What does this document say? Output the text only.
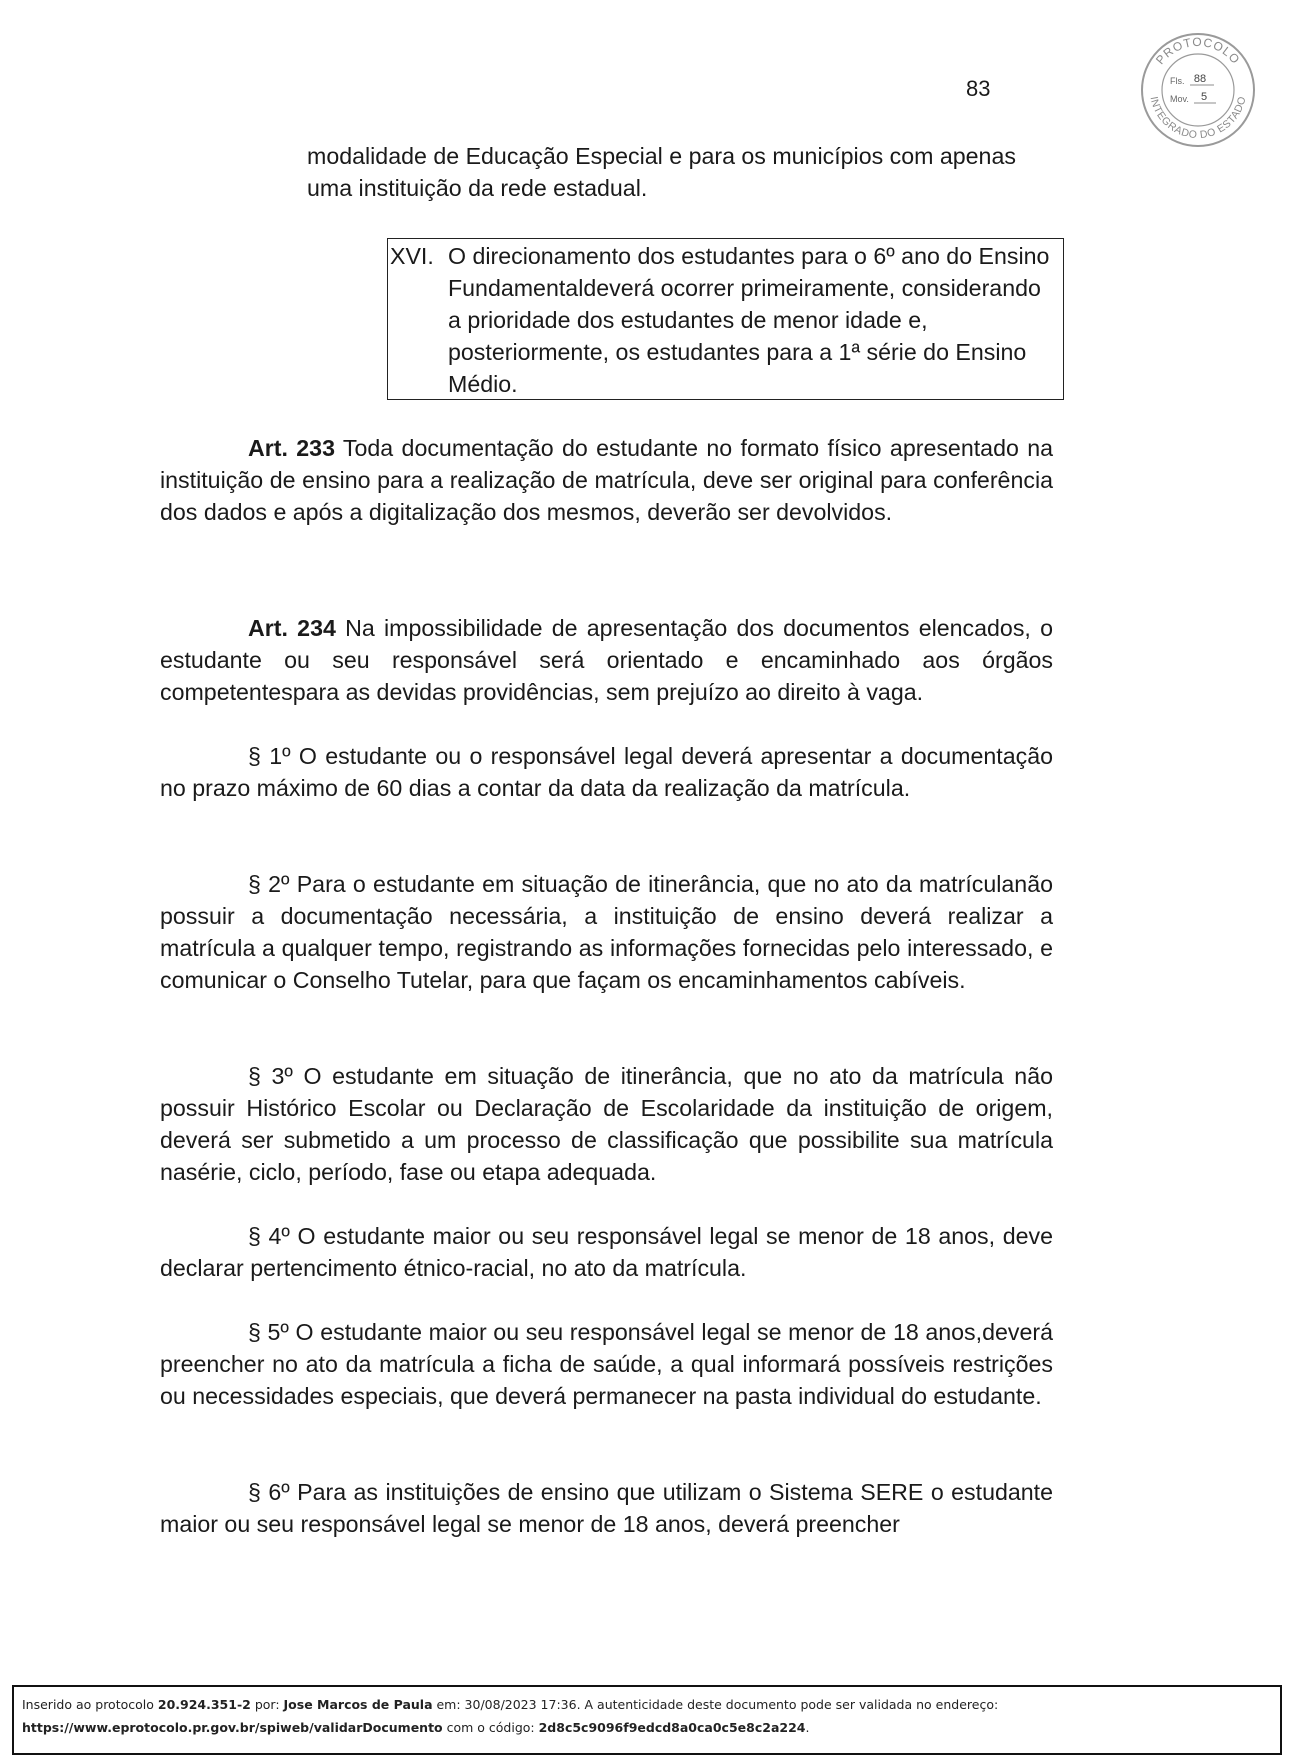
83
PROTOCOLO
INTEGRADO DO ESTADO
Fls. 88
Mov. 5

modalidade de Educação Especial e para os municípios com apenas uma instituição da rede estadual.

XVI. O direcionamento dos estudantes para o 6º ano do Ensino Fundamentaldeverá ocorrer primeiramente, considerando a prioridade dos estudantes de menor idade e, posteriormente, os estudantes para a 1ª série do Ensino Médio.

Art. 233 Toda documentação do estudante no formato físico apresentado na instituição de ensino para a realização de matrícula, deve ser original para conferência dos dados e após a digitalização dos mesmos, deverão ser devolvidos.

Art. 234 Na impossibilidade de apresentação dos documentos elencados, o estudante ou seu responsável será orientado e encaminhado aos órgãos competentespara as devidas providências, sem prejuízo ao direito à vaga.

§ 1º O estudante ou o responsável legal deverá apresentar a documentação no prazo máximo de 60 dias a contar da data da realização da matrícula.

§ 2º Para o estudante em situação de itinerância, que no ato da matrículanão possuir a documentação necessária, a instituição de ensino deverá realizar a matrícula a qualquer tempo, registrando as informações fornecidas pelo interessado, e comunicar o Conselho Tutelar, para que façam os encaminhamentos cabíveis.

§ 3º O estudante em situação de itinerância, que no ato da matrícula não possuir Histórico Escolar ou Declaração de Escolaridade da instituição de origem, deverá ser submetido a um processo de classificação que possibilite sua matrícula nasérie, ciclo, período, fase ou etapa adequada.

§ 4º O estudante maior ou seu responsável legal se menor de 18 anos, deve declarar pertencimento étnico-racial, no ato da matrícula.

§ 5º O estudante maior ou seu responsável legal se menor de 18 anos,deverá preencher no ato da matrícula a ficha de saúde, a qual informará possíveis restrições ou necessidades especiais, que deverá permanecer na pasta individual do estudante.

§ 6º Para as instituições de ensino que utilizam o Sistema SERE o estudante maior ou seu responsável legal se menor de 18 anos, deverá preencher

Inserido ao protocolo 20.924.351-2 por: Jose Marcos de Paula em: 30/08/2023 17:36. A autenticidade deste documento pode ser validada no endereço:
https://www.eprotocolo.pr.gov.br/spiweb/validarDocumento com o código: 2d8c5c9096f9edcd8a0ca0c5e8c2a224.
